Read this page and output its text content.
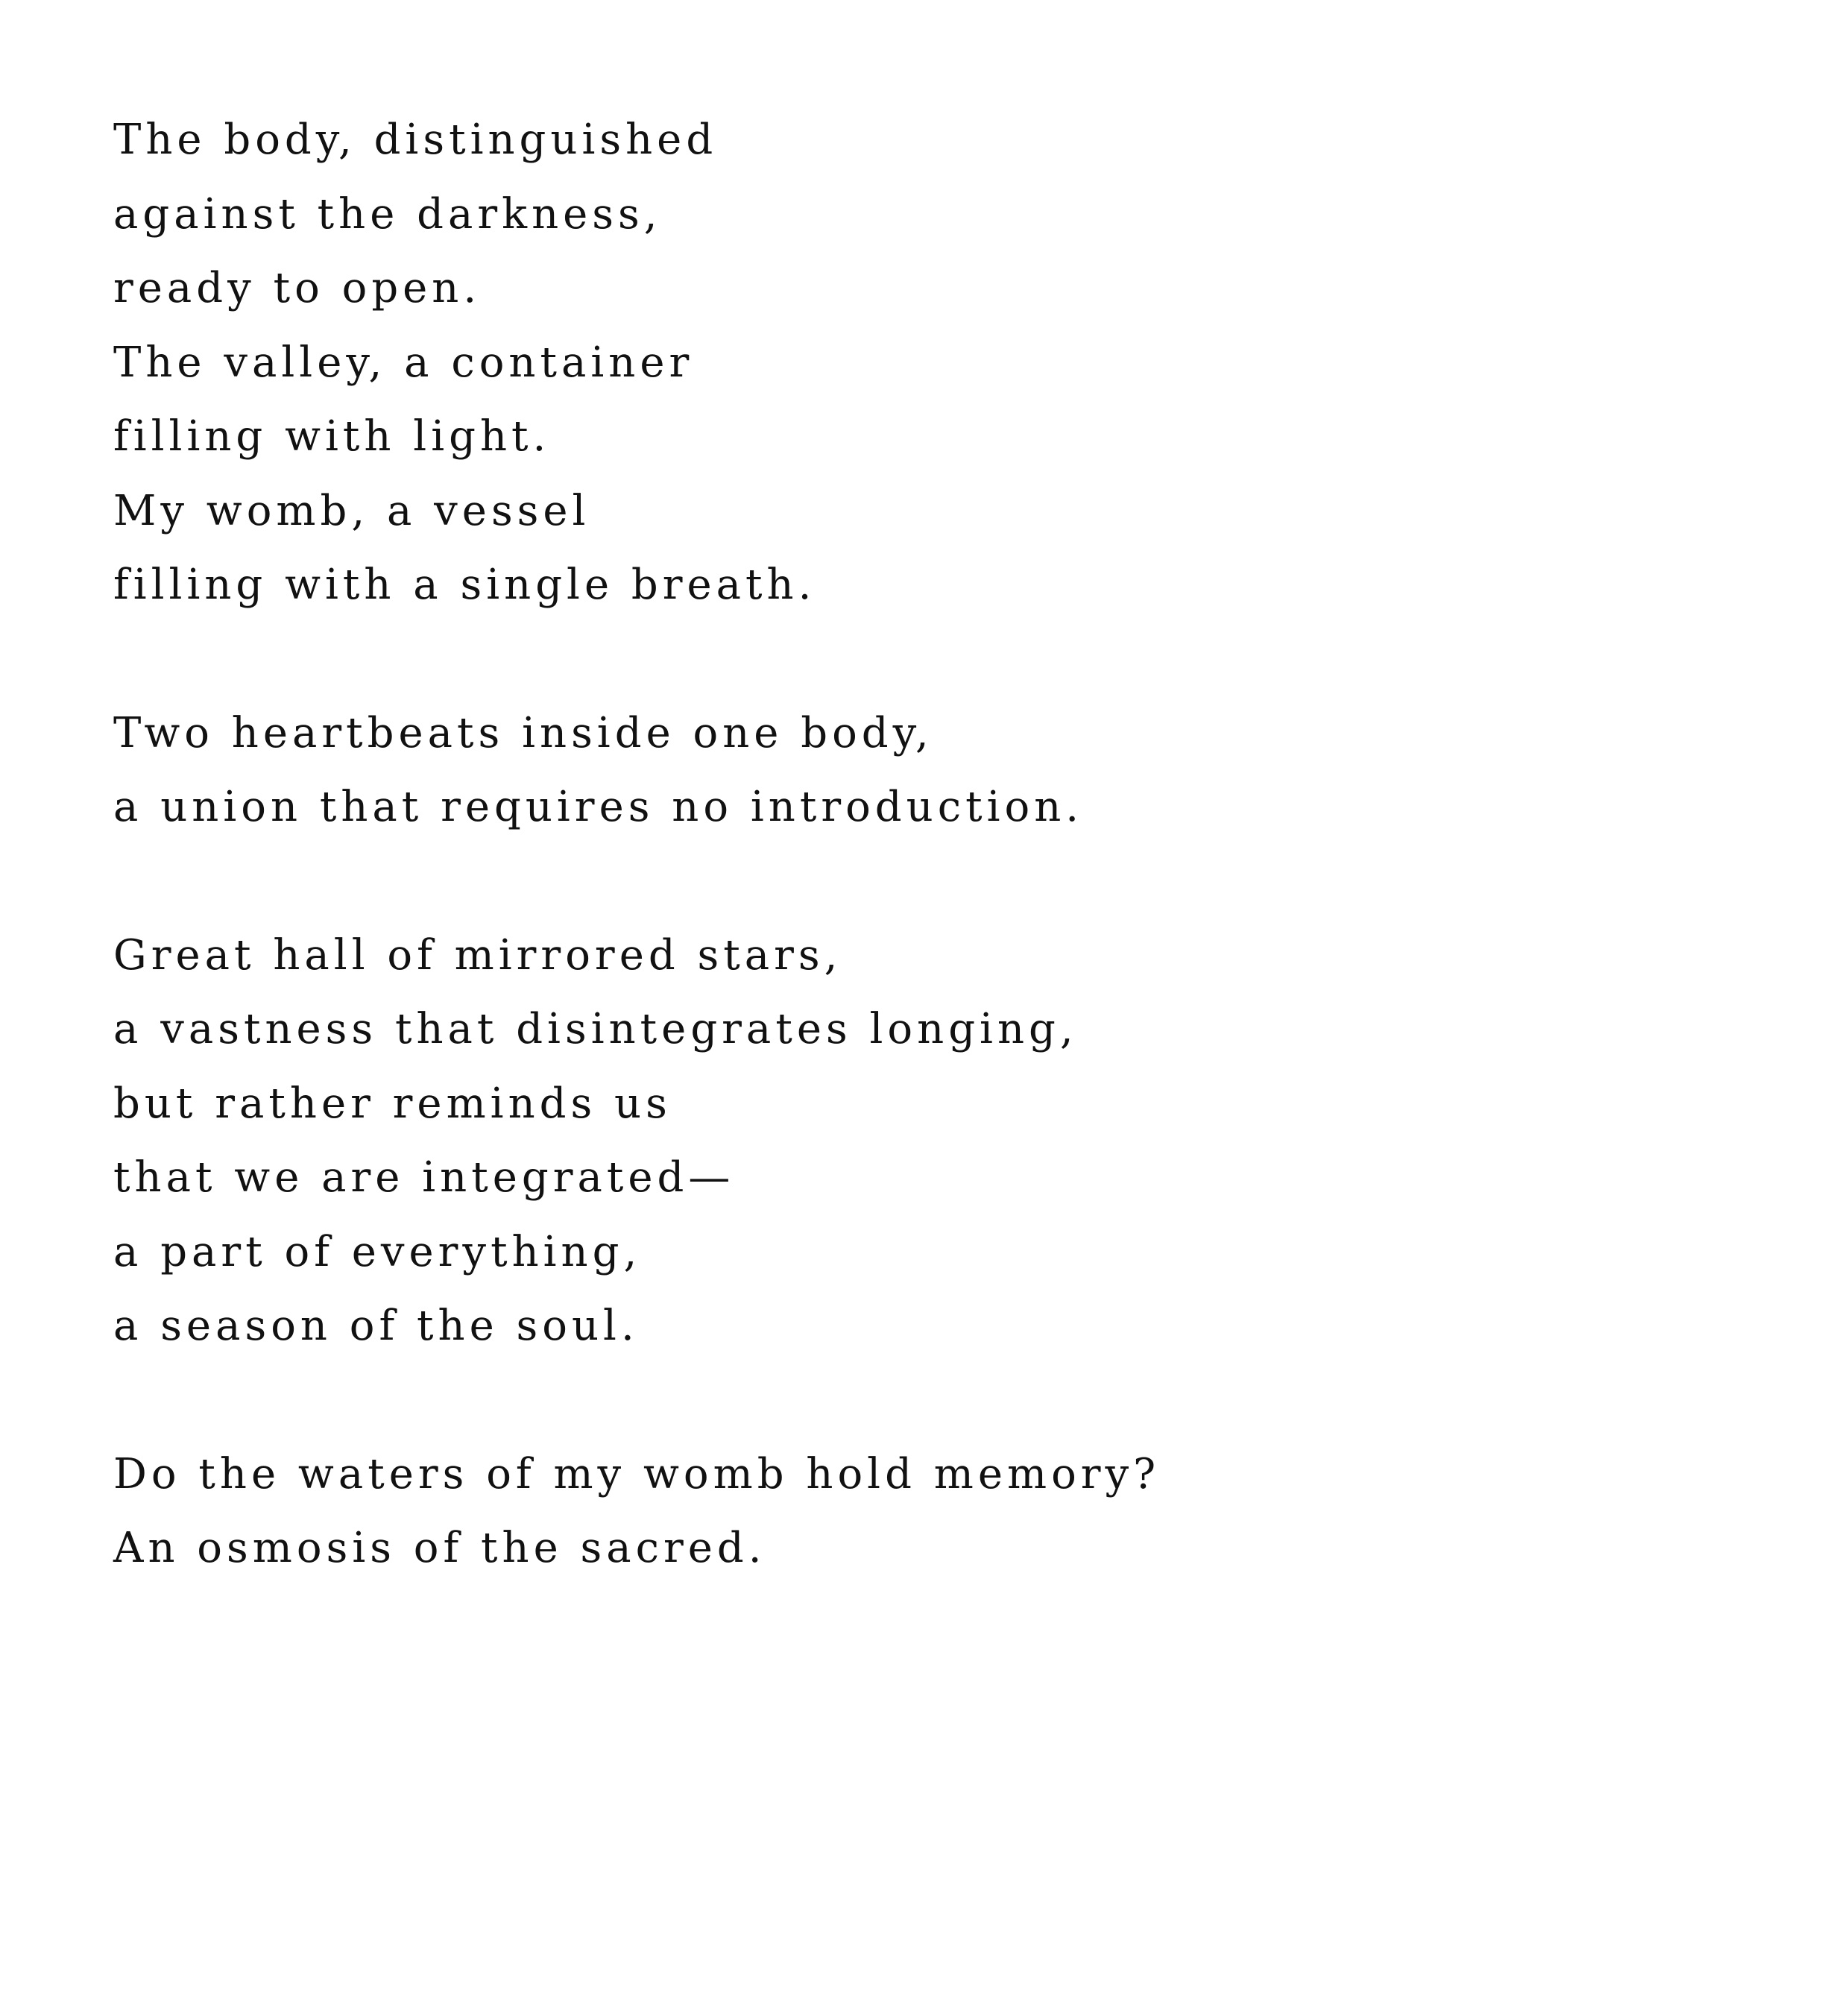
The body, distinguished
against the darkness,
ready to open.
The valley, a container
filling with light.
My womb, a vessel
filling with a single breath.
Two heartbeats inside one body,
a union that requires no introduction.
Great hall of mirrored stars,
a vastness that disintegrates longing,
but rather reminds us
that we are integrated—
a part of everything,
a season of the soul.
Do the waters of my womb hold memory?
An osmosis of the sacred.
